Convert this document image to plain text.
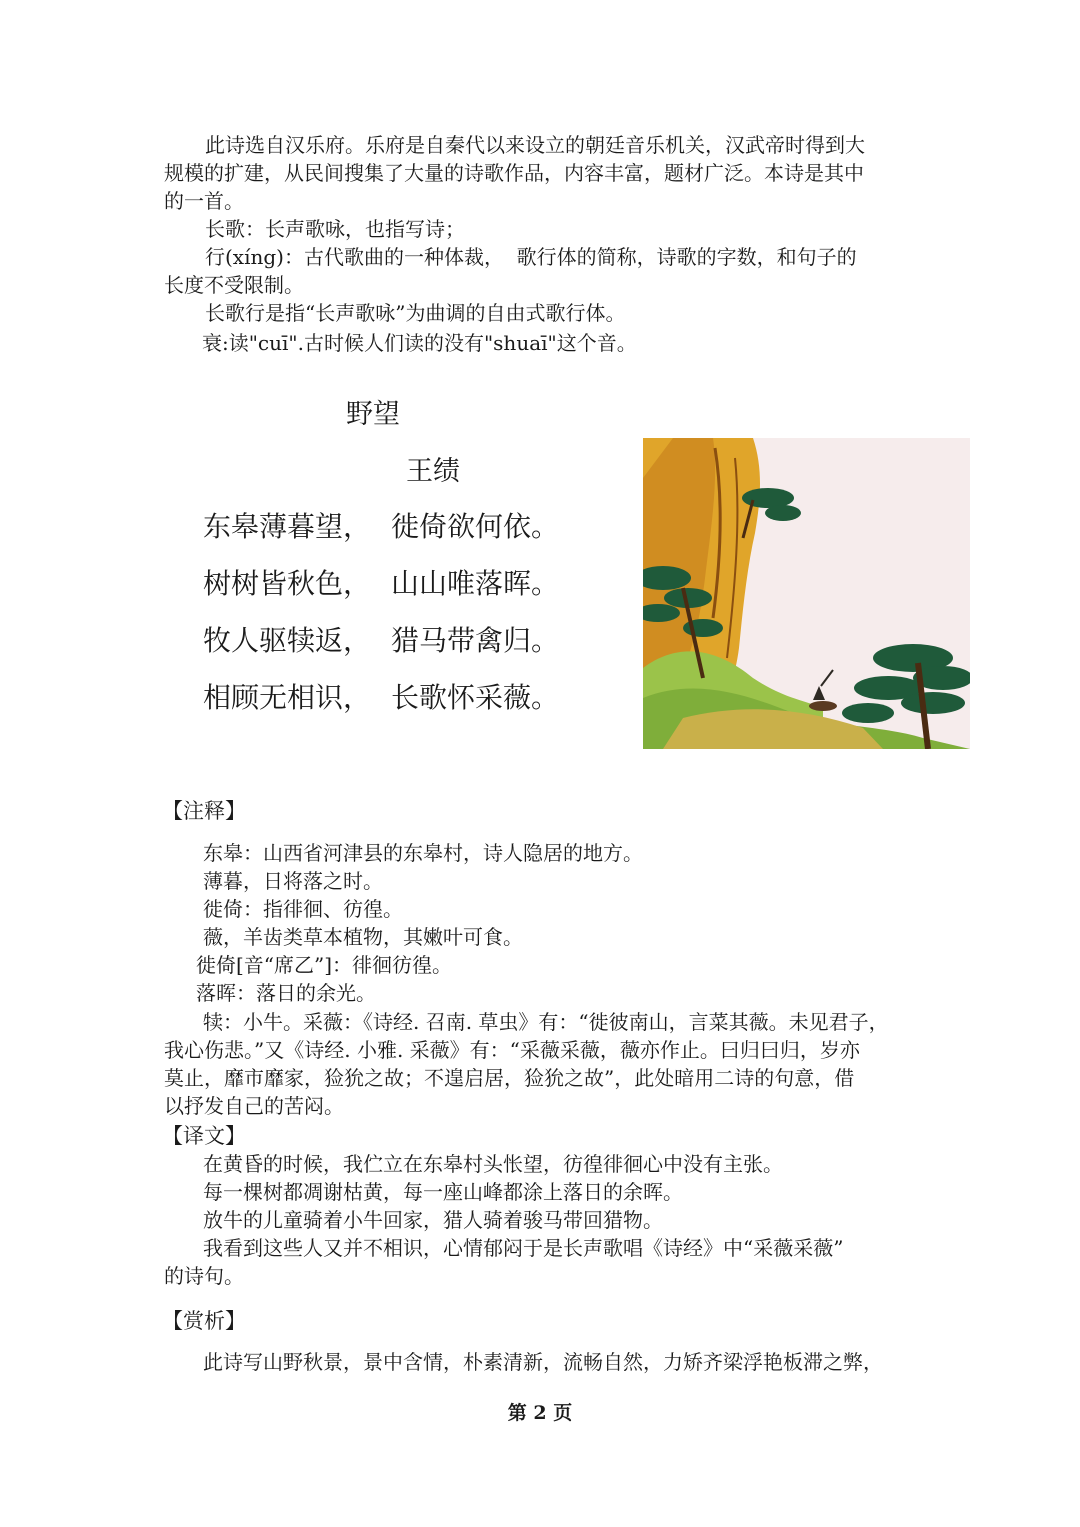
此诗选自汉乐府。乐府是自秦代以来设立的朝廷音乐机关，汉武帝时得到大
规模的扩建，从民间搜集了大量的诗歌作品，内容丰富，题材广泛。本诗是其中
的一首。
长歌：长声歌咏，也指写诗；
行(xíng)：古代歌曲的一种体裁，  歌行体的简称，诗歌的字数，和句子的
长度不受限制。
长歌行是指“长声歌咏”为曲调的自由式歌行体。
衰:读"cuī".古时候人们读的没有"shuaī"这个音。
野望
王绩
东皋薄暮望， 徙倚欲何依。
树树皆秋色， 山山唯落晖。
牧人驱犊返， 猎马带禽归。
相顾无相识， 长歌怀采薇。
【注释】
东皋：山西省河津县的东皋村，诗人隐居的地方。
薄暮，日将落之时。
徙倚：指徘徊、彷徨。
薇，羊齿类草本植物，其嫩叶可食。
徙倚[音“席乙”]：徘徊彷徨。
落晖：落日的余光。
犊：小牛。采薇：《诗经. 召南. 草虫》有：“徙彼南山，言菜其薇。未见君子，
我心伤悲。”又《诗经. 小雅. 采薇》有：“采薇采薇，薇亦作止。曰归曰归，岁亦
莫止，靡市靡家，猃狁之故；不遑启居，猃狁之故”，此处暗用二诗的句意，借
以抒发自己的苦闷。
【译文】
在黄昏的时候，我伫立在东皋村头怅望，彷徨徘徊心中没有主张。
每一棵树都凋谢枯黄，每一座山峰都涂上落日的余晖。
放牛的儿童骑着小牛回家，猎人骑着骏马带回猎物。
我看到这些人又并不相识，心情郁闷于是长声歌唱《诗经》中“采薇采薇”
的诗句。
【赏析】
此诗写山野秋景，景中含情，朴素清新，流畅自然，力矫齐梁浮艳板滞之弊，
第 2 页
